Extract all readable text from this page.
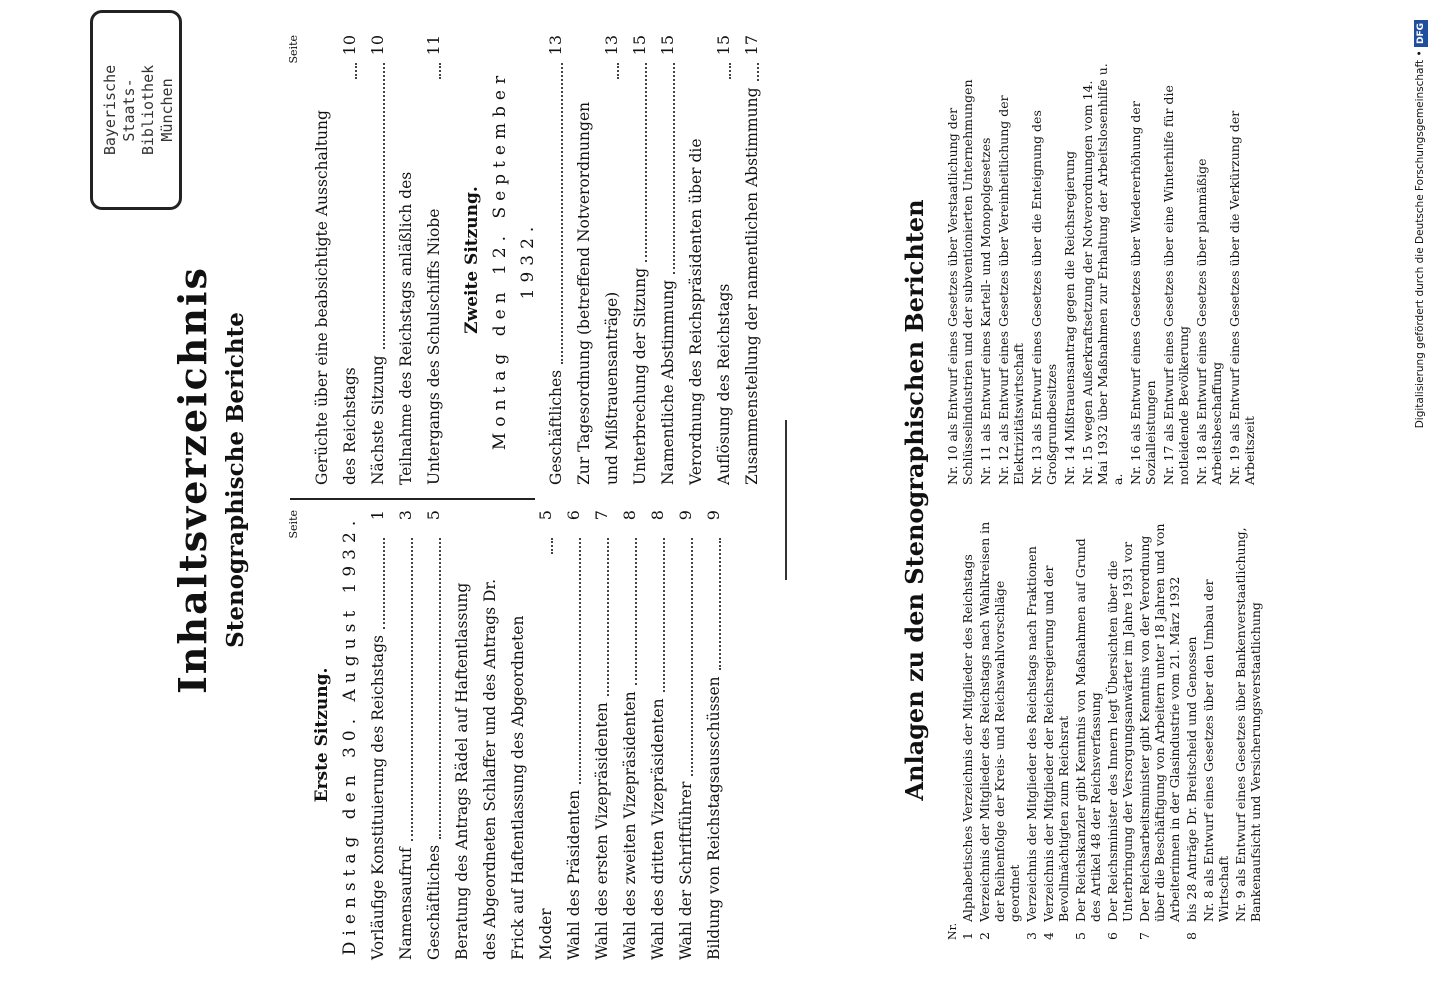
Bayerische Staats- Bibliothek München
Inhaltsverzeichnis Stenographische Berichte	Seite
Erste Sitzung. Dienstag den 30. August 1932. Vorläufige Konstituierung des Reichstags
1
Namensaufruf
3
Geschäftliches
5
Beratung des Antrags Rädel auf Haftentlassung des Abgeordneten Schlaffer und des Antrags Dr. Frick auf Haftentlassung des Abgeordneten Moder
5
Wahl des Präsidenten
6
Wahl des ersten Vizepräsidenten
7
Wahl des zweiten Vizepräsidenten
8
Wahl des dritten Vizepräsidenten
8
Wahl der Schriftführer
9
Bildung von Reichstagsausschüssen
9
Seite
Gerüchte über eine beabsichtigte Ausschaltung des Reichstags
10
Nächste Sitzung
10
Teilnahme des Reichstags anläßlich des Untergangs des Schulschiffs Niobe
11
Zweite Sitzung. Montag den 12. September 1932.
Geschäftliches
13
Zur Tagesordnung (betreffend Notverordnungen und Mißtrauensanträge)
13
Unterbrechung der Sitzung
15
Namentliche Abstimmung
15
Verordnung des Reichspräsidenten über die Auflösung des Reichstags
15
Zusammenstellung der namentlichen Abstimmung
17
Anlagen zu den Stenographischen Berichten
Nr. 1
Alphabetisches Verzeichnis der Mitglieder des Reichstags
2
Verzeichnis der Mitglieder des Reichstags nach Wahlkreisen in der Reihenfolge der Kreis- und Reichswahlvorschläge geordnet
3
Verzeichnis der Mitglieder des Reichstags nach Fraktionen
4
Verzeichnis der Mitglieder der Reichsregierung und der Bevollmächtigten zum Reichsrat
5
Der Reichskanzler gibt Kenntnis von Maßnahmen auf Grund des Artikel 48 der Reichsverfassung
6
Der Reichsminister des Innern legt Übersichten über die Unterbringung der Versorgungsanwärter im Jahre 1931 vor
7
Der Reichsarbeitsminister gibt Kenntnis von der Verordnung über die Beschäftigung von Arbeitern unter 18 Jahren und von Arbeiterinnen in der Glasindustrie vom 21. März 1932
8
bis 28 Anträge Dr. Breitscheid und Genossen Nr. 8 als Entwurf eines Gesetzes über den Umbau der Wirtschaft Nr. 9 als Entwurf eines Gesetzes über Bankenverstaatlichung, Bankenaufsicht und Versicherungsverstaatlichung
Nr. 10 als Entwurf eines Gesetzes über Verstaatlichung der Schlüsselindustrien und der subventionierten Unternehmungen Nr. 11 als Entwurf eines Kartell- und Monopolgesetzes Nr. 12 als Entwurf eines Gesetzes über Vereinheitlichung der Elektrizitätswirtschaft Nr. 13 als Entwurf eines Gesetzes über die Enteignung des Großgrundbesitzes Nr. 14 Mißtrauensantrag gegen die Reichsregierung Nr. 15 wegen Außerkraftsetzung der Notverordnungen vom 14. Mai 1932 über Maßnahmen zur Erhaltung der Arbeitslosenhilfe u. a. Nr. 16 als Entwurf eines Gesetzes über Wiedererhöhung der Sozialleistungen Nr. 17 als Entwurf eines Gesetzes über eine Winterhilfe für die notleidende Bevölkerung Nr. 18 als Entwurf eines Gesetzes über planmäßige Arbeitsbeschaffung Nr. 19 als Entwurf eines Gesetzes über die Verkürzung der Arbeitszeit
Digitalisierung gefördert durch die Deutsche Forschungsgemeinschaft • DFG
